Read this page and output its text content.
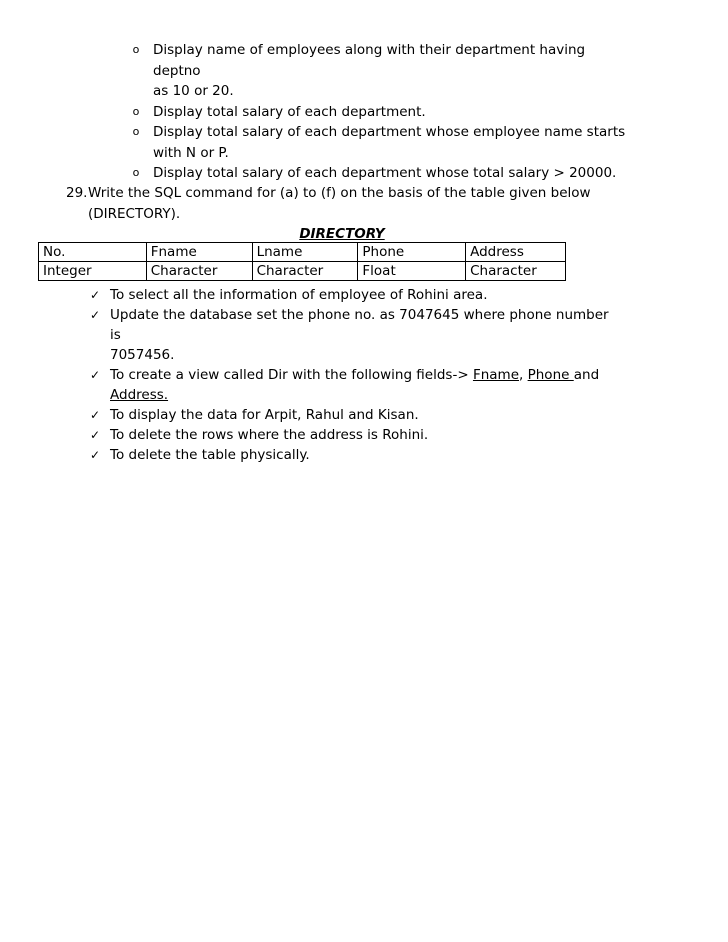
o Display name of employees along with their department having deptno
as 10 or 20.
o Display total salary of each department.
o Display total salary of each department whose employee name starts
with N or P.
o Display total salary of each department whose total salary > 20000.
29. Write the SQL command for (a) to (f) on the basis of the table given below
(DIRECTORY).
DIRECTORY
No.	Fname	Lname	Phone	Address
Integer	Character	Character	Float	Character
✓ To select all the information of employee of Rohini area.
✓ Update the database set the phone no. as 7047645 where phone number is
7057456.
✓ To create a view called Dir with the following fields-> Fname, Phone and
Address.
✓ To display the data for Arpit, Rahul and Kisan.
✓ To delete the rows where the address is Rohini.
✓ To delete the table physically.
